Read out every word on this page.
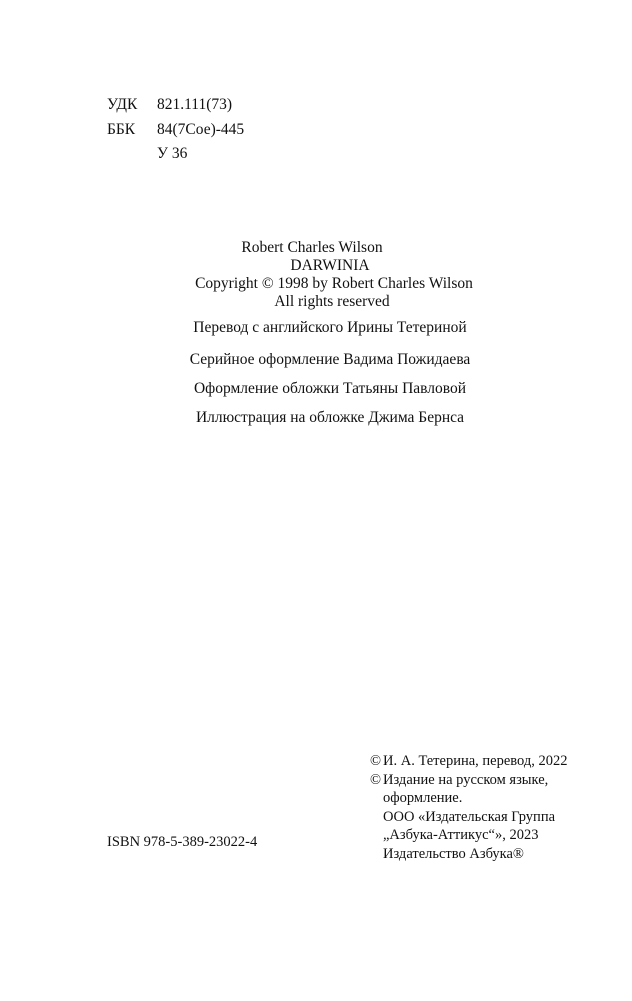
УДК 821.111(73)
ББК 84(7Сое)-445
У 36
Robert Charles Wilson
DARWINIA
Copyright © 1998 by Robert Charles Wilson
All rights reserved
Перевод с английского Ирины Тетериной
Серийное оформление Вадима Пожидаева
Оформление обложки Татьяны Павловой
Иллюстрация на обложке Джима Бернса
ISBN 978-5-389-23022-4
© И. А. Тетерина, перевод, 2022
© Издание на русском языке,
оформление.
ООО «Издательская Группа
„Азбука-Аттикус“», 2023
Издательство Азбука®
